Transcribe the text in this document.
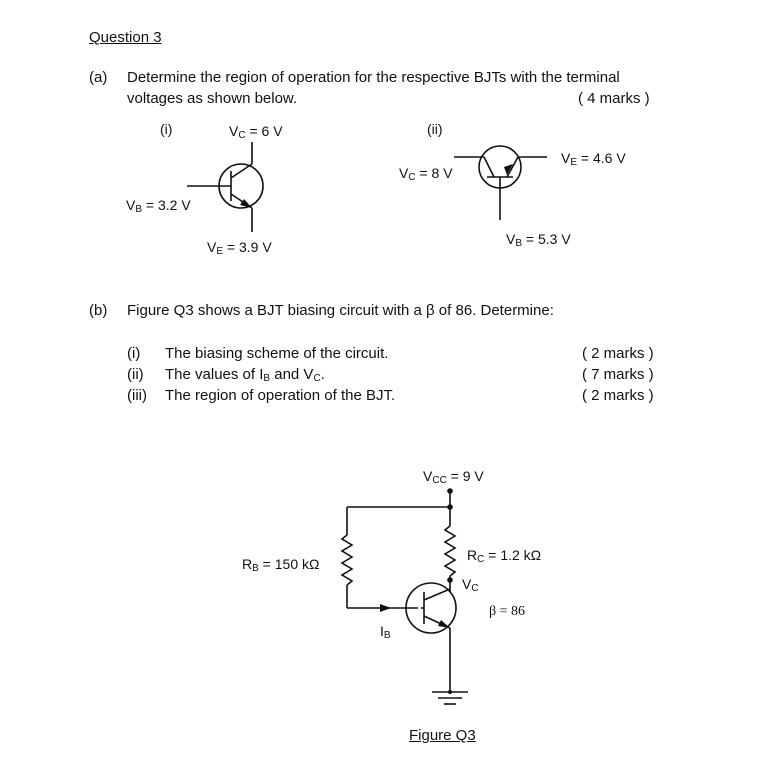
Question 3
(a) Determine the region of operation for the respective BJTs with the terminal
voltages as shown below.	( 4 marks )
(i)	$V_C = 6$ V
$V_B = 3.2$ V
$V_E = 3.9$ V
(ii)
$V_C = 8$ V
$V_E = 4.6$ V
$V_B = 5.3$ V
(b) Figure Q3 shows a BJT biasing circuit with a β of 86. Determine:
(i) The biasing scheme of the circuit.	( 2 marks )
(ii) The values of $I_B$ and $V_C$.	( 7 marks )
(iii) The region of operation of the BJT.	( 2 marks )
$V_{CC} = 9$ V
$R_B = 150$ kΩ
$R_C = 1.2$ kΩ
$V_C$
$I_B$
β = 86
Figure Q3
